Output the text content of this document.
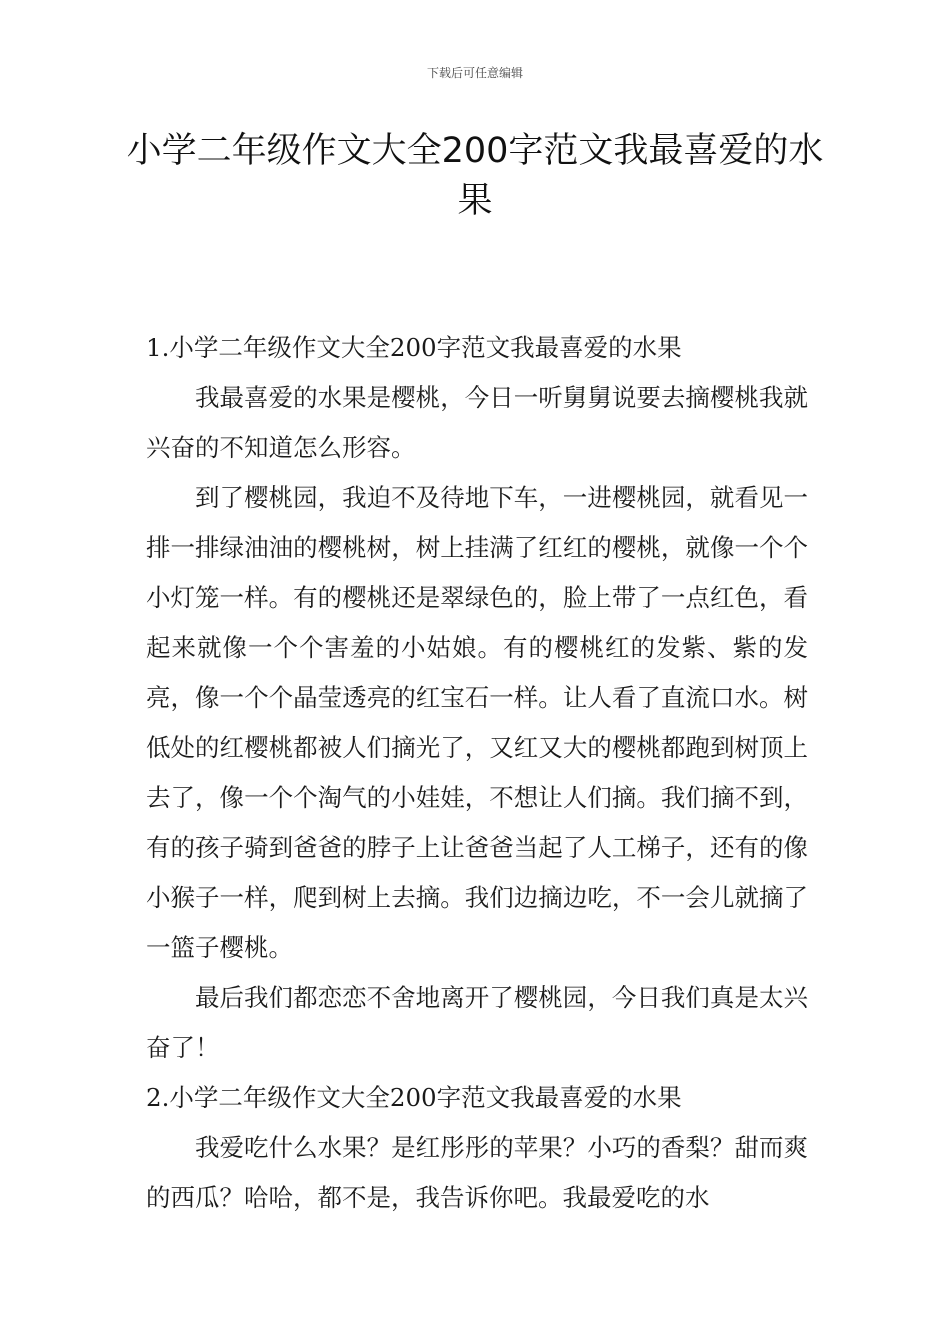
下载后可任意编辑
小学二年级作文大全200字范文我最喜爱的水果

1.小学二年级作文大全200字范文我最喜爱的水果

我最喜爱的水果是樱桃，今日一听舅舅说要去摘樱桃我就兴奋的不知道怎么形容。

到了樱桃园，我迫不及待地下车，一进樱桃园，就看见一排一排绿油油的樱桃树，树上挂满了红红的樱桃，就像一个个小灯笼一样。有的樱桃还是翠绿色的，脸上带了一点红色，看起来就像一个个害羞的小姑娘。有的樱桃红的发紫、紫的发亮，像一个个晶莹透亮的红宝石一样。让人看了直流口水。树低处的红樱桃都被人们摘光了，又红又大的樱桃都跑到树顶上去了，像一个个淘气的小娃娃，不想让人们摘。我们摘不到，有的孩子骑到爸爸的脖子上让爸爸当起了人工梯子，还有的像小猴子一样，爬到树上去摘。我们边摘边吃，不一会儿就摘了一篮子樱桃。

最后我们都恋恋不舍地离开了樱桃园，今日我们真是太兴奋了！

2.小学二年级作文大全200字范文我最喜爱的水果

我爱吃什么水果？是红彤彤的苹果？小巧的香梨？甜而爽的西瓜？哈哈，都不是，我告诉你吧。我最爱吃的水
